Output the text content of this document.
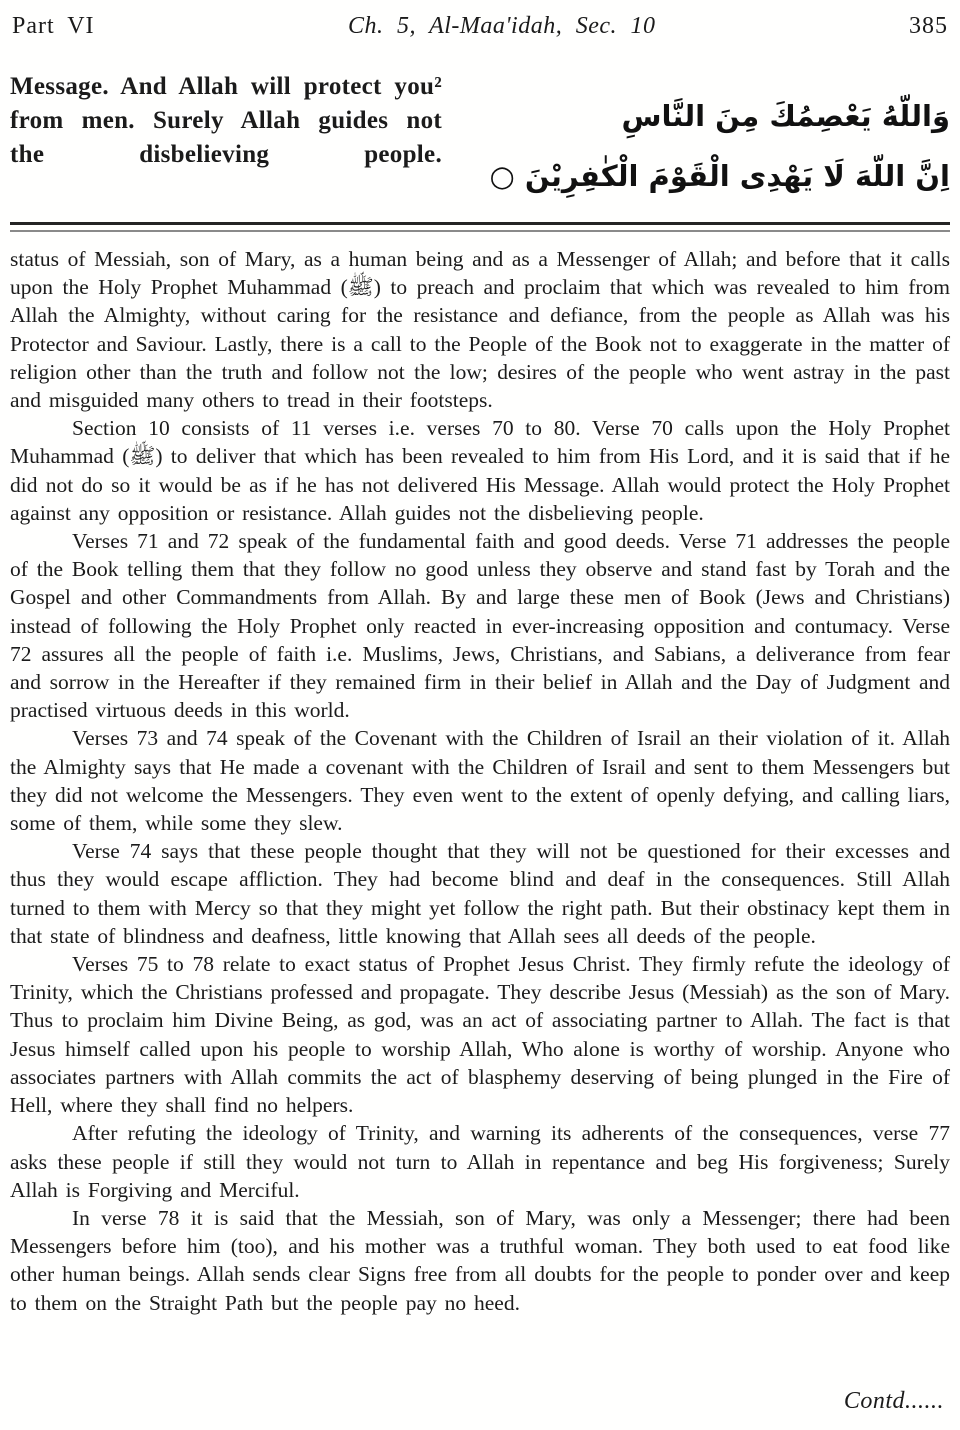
Part VI	Ch. 5, Al-Maa'idah, Sec. 10	385
Message. And Allah will protect you² from men. Surely Allah guides not the disbelieving people.
وَاللّهُ يَعْصِمُكَ مِنَ النَّاسِ
اِنَّ اللّهَ لَا يَهْدِى الْقَوْمَ الْكٰفِرِيْنَ ○

status of Messiah, son of Mary, as a human being and as a Messenger of Allah; and before that it calls upon the Holy Prophet Muhammad (ﷺ) to preach and proclaim that which was revealed to him from Allah the Almighty, without caring for the resistance and defiance, from the people as Allah was his Protector and Saviour. Lastly, there is a call to the People of the Book not to exaggerate in the matter of religion other than the truth and follow not the low; desires of the people who went astray in the past and misguided many others to tread in their footsteps.

Section 10 consists of 11 verses i.e. verses 70 to 80. Verse 70 calls upon the Holy Prophet Muhammad (ﷺ) to deliver that which has been revealed to him from His Lord, and it is said that if he did not do so it would be as if he has not delivered His Message. Allah would protect the Holy Prophet against any opposition or resistance. Allah guides not the disbelieving people.

Verses 71 and 72 speak of the fundamental faith and good deeds. Verse 71 addresses the people of the Book telling them that they follow no good unless they observe and stand fast by Torah and the Gospel and other Commandments from Allah. By and large these men of Book (Jews and Christians) instead of following the Holy Prophet only reacted in ever-increasing opposition and contumacy. Verse 72 assures all the people of faith i.e. Muslims, Jews, Christians, and Sabians, a deliverance from fear and sorrow in the Hereafter if they remained firm in their belief in Allah and the Day of Judgment and practised virtuous deeds in this world.

Verses 73 and 74 speak of the Covenant with the Children of Israil an their violation of it. Allah the Almighty says that He made a covenant with the Children of Israil and sent to them Messengers but they did not welcome the Messengers. They even went to the extent of openly defying, and calling liars, some of them, while some they slew.

Verse 74 says that these people thought that they will not be questioned for their excesses and thus they would escape affliction. They had become blind and deaf in the consequences. Still Allah turned to them with Mercy so that they might yet follow the right path. But their obstinacy kept them in that state of blindness and deafness, little knowing that Allah sees all deeds of the people.

Verses 75 to 78 relate to exact status of Prophet Jesus Christ. They firmly refute the ideology of Trinity, which the Christians professed and propagate. They describe Jesus (Messiah) as the son of Mary. Thus to proclaim him Divine Being, as god, was an act of associating partner to Allah. The fact is that Jesus himself called upon his people to worship Allah, Who alone is worthy of worship. Anyone who associates partners with Allah commits the act of blasphemy deserving of being plunged in the Fire of Hell, where they shall find no helpers.

After refuting the ideology of Trinity, and warning its adherents of the consequences, verse 77 asks these people if still they would not turn to Allah in repentance and beg His forgiveness; Surely Allah is Forgiving and Merciful.

In verse 78 it is said that the Messiah, son of Mary, was only a Messenger; there had been Messengers before him (too), and his mother was a truthful woman. They both used to eat food like other human beings. Allah sends clear Signs free from all doubts for the people to ponder over and keep to them on the Straight Path but the people pay no heed.

Contd......
